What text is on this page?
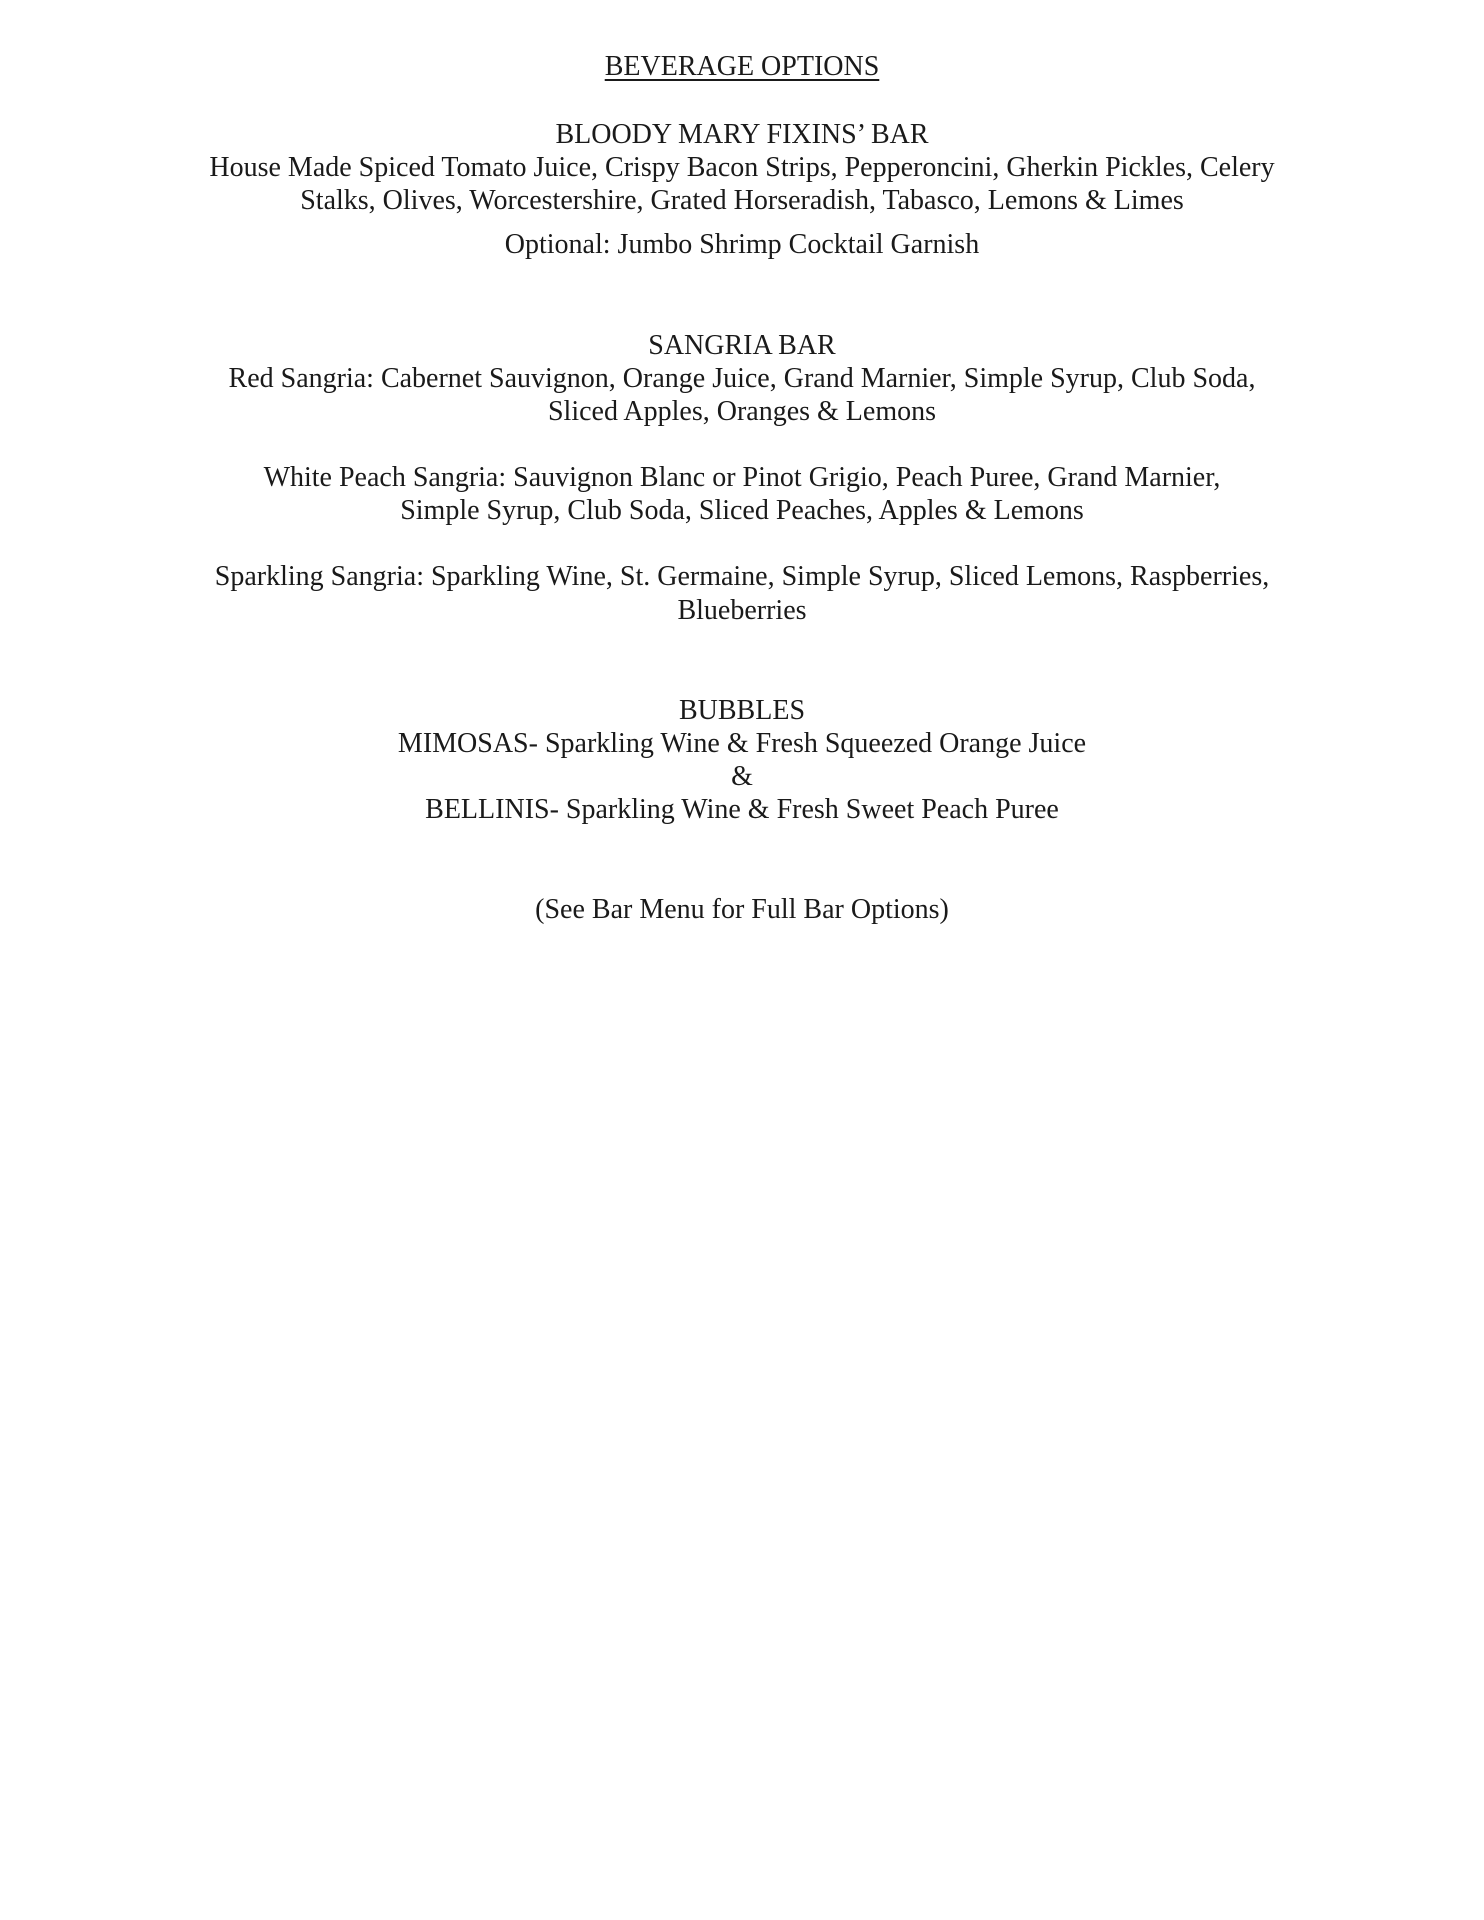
BEVERAGE OPTIONS
BLOODY MARY FIXINS’ BAR
House Made Spiced Tomato Juice, Crispy Bacon Strips, Pepperoncini, Gherkin Pickles, Celery
Stalks, Olives, Worcestershire, Grated Horseradish, Tabasco, Lemons & Limes
Optional: Jumbo Shrimp Cocktail Garnish
SANGRIA BAR
Red Sangria: Cabernet Sauvignon, Orange Juice, Grand Marnier, Simple Syrup, Club Soda,
Sliced Apples, Oranges & Lemons
White Peach Sangria: Sauvignon Blanc or Pinot Grigio, Peach Puree, Grand Marnier,
Simple Syrup, Club Soda, Sliced Peaches, Apples & Lemons
Sparkling Sangria: Sparkling Wine, St. Germaine, Simple Syrup, Sliced Lemons, Raspberries,
Blueberries
BUBBLES
MIMOSAS- Sparkling Wine & Fresh Squeezed Orange Juice
&
BELLINIS- Sparkling Wine & Fresh Sweet Peach Puree
(See Bar Menu for Full Bar Options)
